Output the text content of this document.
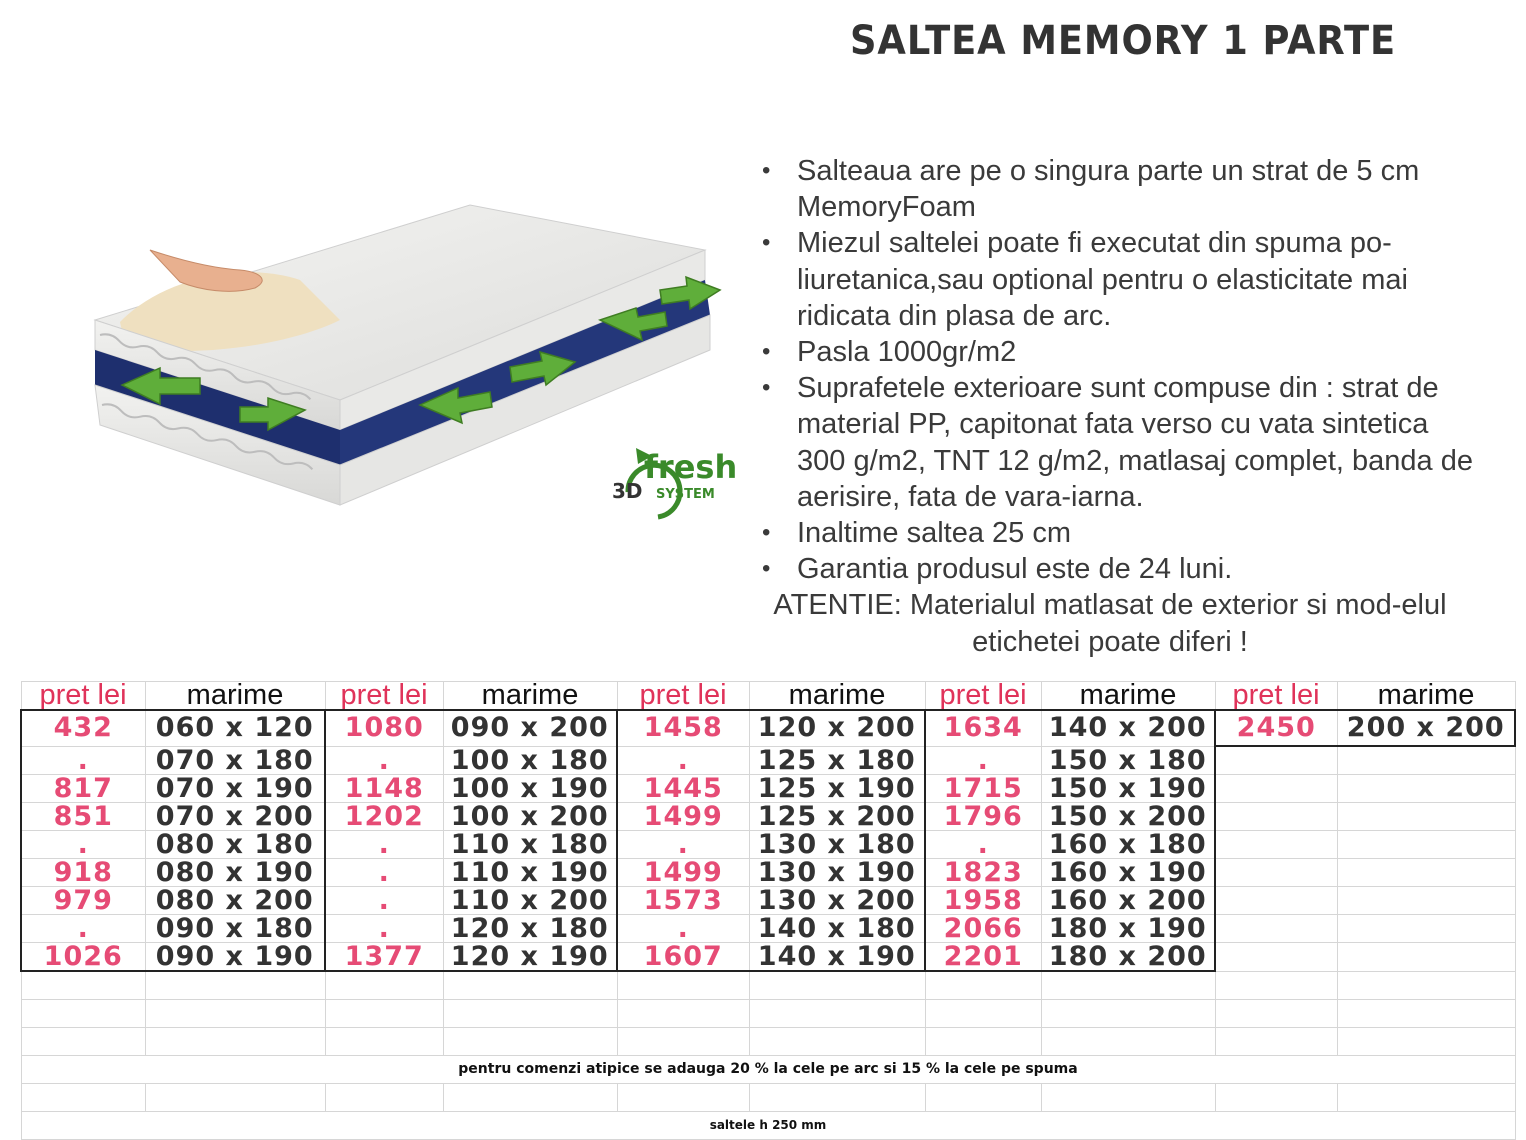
SALTEA MEMORY 1 PARTE
3D
fresh
SYSTEM
• Salteaua are pe o singura parte un strat de 5 cm MemoryFoam
• Miezul saltelei poate fi executat din spuma po-liuretanica,sau optional pentru o elasticitate mai ridicata din plasa de arc.
• Pasla 1000gr/m2
• Suprafetele exterioare sunt compuse din : strat de material PP, capitonat fata verso cu vata sintetica 300 g/m2, TNT 12 g/m2, matlasaj complet, banda de aerisire, fata de vara-iarna.
• Inaltime saltea 25 cm
• Garantia produsul este de 24 luni.
ATENTIE: Materialul matlasat de exterior si mod-elul etichetei poate diferi !
pret lei	marime	pret lei	marime	pret lei	marime	pret lei	marime	pret lei	marime
432	060 x 120	1080	090 x 200	1458	120 x 200	1634	140 x 200	2450	200 x 200
.	070 x 180	.	100 x 180	.	125 x 180	.	150 x 180		
817	070 x 190	1148	100 x 190	1445	125 x 190	1715	150 x 190		
851	070 x 200	1202	100 x 200	1499	125 x 200	1796	150 x 200		
.	080 x 180	.	110 x 180	.	130 x 180	.	160 x 180		
918	080 x 190	.	110 x 190	1499	130 x 190	1823	160 x 190		
979	080 x 200	.	110 x 200	1573	130 x 200	1958	160 x 200		
.	090 x 180	.	120 x 180	.	140 x 180	2066	180 x 190		
1026	090 x 190	1377	120 x 190	1607	140 x 190	2201	180 x 200		

pentru comenzi atipice se adauga 20 % la cele pe arc si 15 % la cele pe spuma									

saltele h 250 mm									
